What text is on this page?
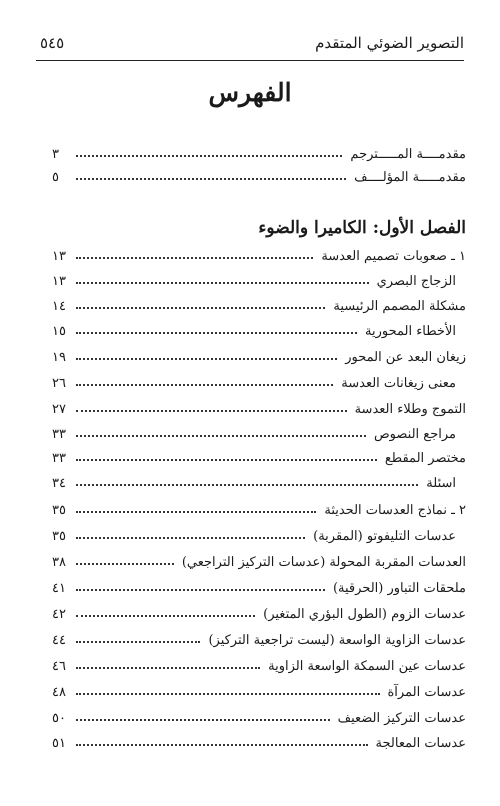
التصوير الضوئي المتقدم
٥٤٥
الفهرس
مقدمــــة المـــــترجم
٣
مقدمـــــة المؤلــــف
٥
الفصل الأول: الكاميرا والضوء
١ ـ صعوبات تصميم العدسة
١٣
الزجاج البصري
١٣
مشكلة المصمم الرئيسية
١٤
الأخطاء المحورية
١٥
زيغان البعد عن المحور
١٩
معنى زيغانات العدسة
٢٦
التموج وطلاء العدسة
٢٧
مراجع النصوص
٣٣
مختصر المقطع
٣٣
اسئلة
٣٤
٢ ـ نماذج العدسات الحديثة
٣٥
عدسات التليفوتو (المقربة)
٣٥
العدسات المقربة المحولة (عدسات التركيز التراجعي)
٣٨
ملحقات التباور (الحرقية)
٤١
عدسات الزوم (الطول البؤري المتغير)
٤٢
عدسات الزاوية الواسعة (ليست تراجعية التركيز)
٤٤
عدسات عين السمكة الواسعة الزاوية
٤٦
عدسات المرآة
٤٨
عدسات التركيز الضعيف
٥٠
عدسات المعالجة
٥١
